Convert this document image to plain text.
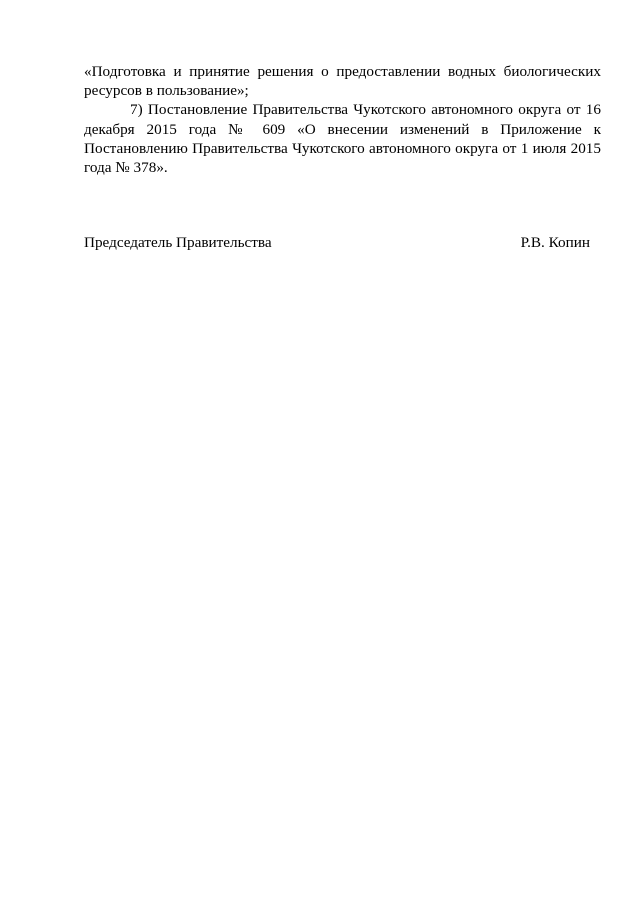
«Подготовка и принятие решения о предоставлении водных биологических ресурсов в пользование»;

7) Постановление Правительства Чукотского автономного округа от 16 декабря 2015 года № 609 «О внесении изменений в Приложение к Постановлению Правительства Чукотского автономного округа от 1 июля 2015 года № 378».

Председатель Правительства	Р.В. Копин
